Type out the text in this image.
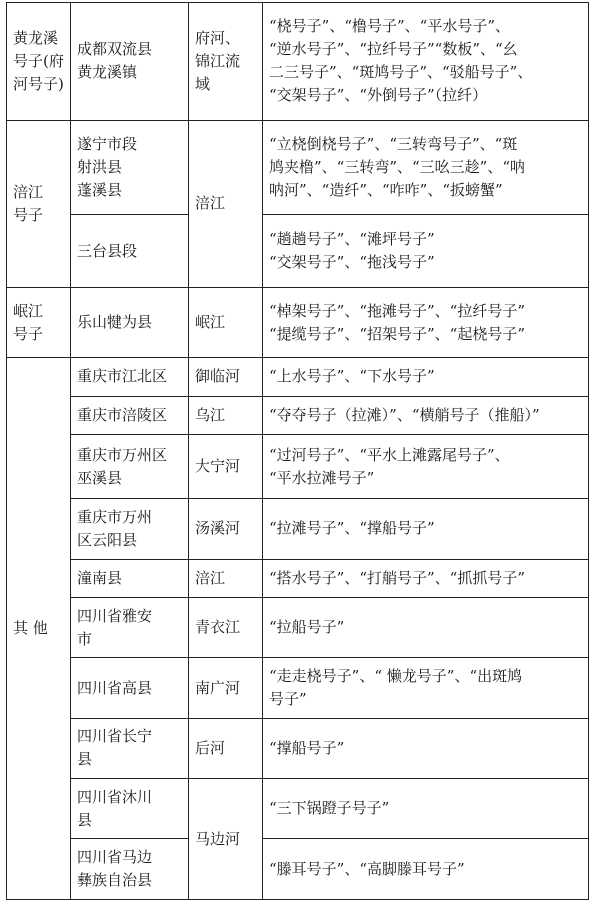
黄龙溪
号子(府
河号子)	成都双流县
黄龙溪镇	府河、
锦江流
域	“桡号子”、“橹号子”、“平水号子”、
“逆水号子”、“拉纤号子”“数板”、“幺
二三号子”、“斑鸠号子”、“驳船号子”、
“交架号子”、“外倒号子”（拉纤）

涪江
号子	遂宁市段
射洪县
蓬溪县	涪江	“立桡倒桡号子”、“三转弯号子”、“斑
鸠夹橹”、“三转弯”、“三吆三趁”、“呐
呐河”、“造纤”、“咋咋”、“扳螃蟹”

	三台县段		“趟趟号子”、“滩坪号子”
“交架号子”、“拖浅号子”

岷江
号子	乐山犍为县	岷江	“棹架号子”、“拖滩号子”、“拉纤号子”
“提缆号子”、“招架号子”、“起桡号子”

其 他	重庆市江北区	御临河	“上水号子”、“下水号子”

	重庆市涪陵区	乌江	“夺夺号子（拉滩）”、“横艄号子（推船）”

	重庆市万州区
巫溪县	大宁河	“过河号子”、“平水上滩露尾号子”、
“平水拉滩号子”

	重庆市万州
区云阳县	汤溪河	“拉滩号子”、“撑船号子”

	潼南县	涪江	“搭水号子”、“打艄号子”、“抓抓号子”

	四川省雅安
市	青衣江	“拉船号子”

	四川省高县	南广河	“走走桡号子”、“ 懒龙号子”、“出斑鸠
号子”

	四川省长宁
县	后河	“撑船号子”

	四川省沐川
县	马边河	“三下锅蹬子号子”

	四川省马边
彝族自治县		“滕耳号子”、“高脚滕耳号子”
